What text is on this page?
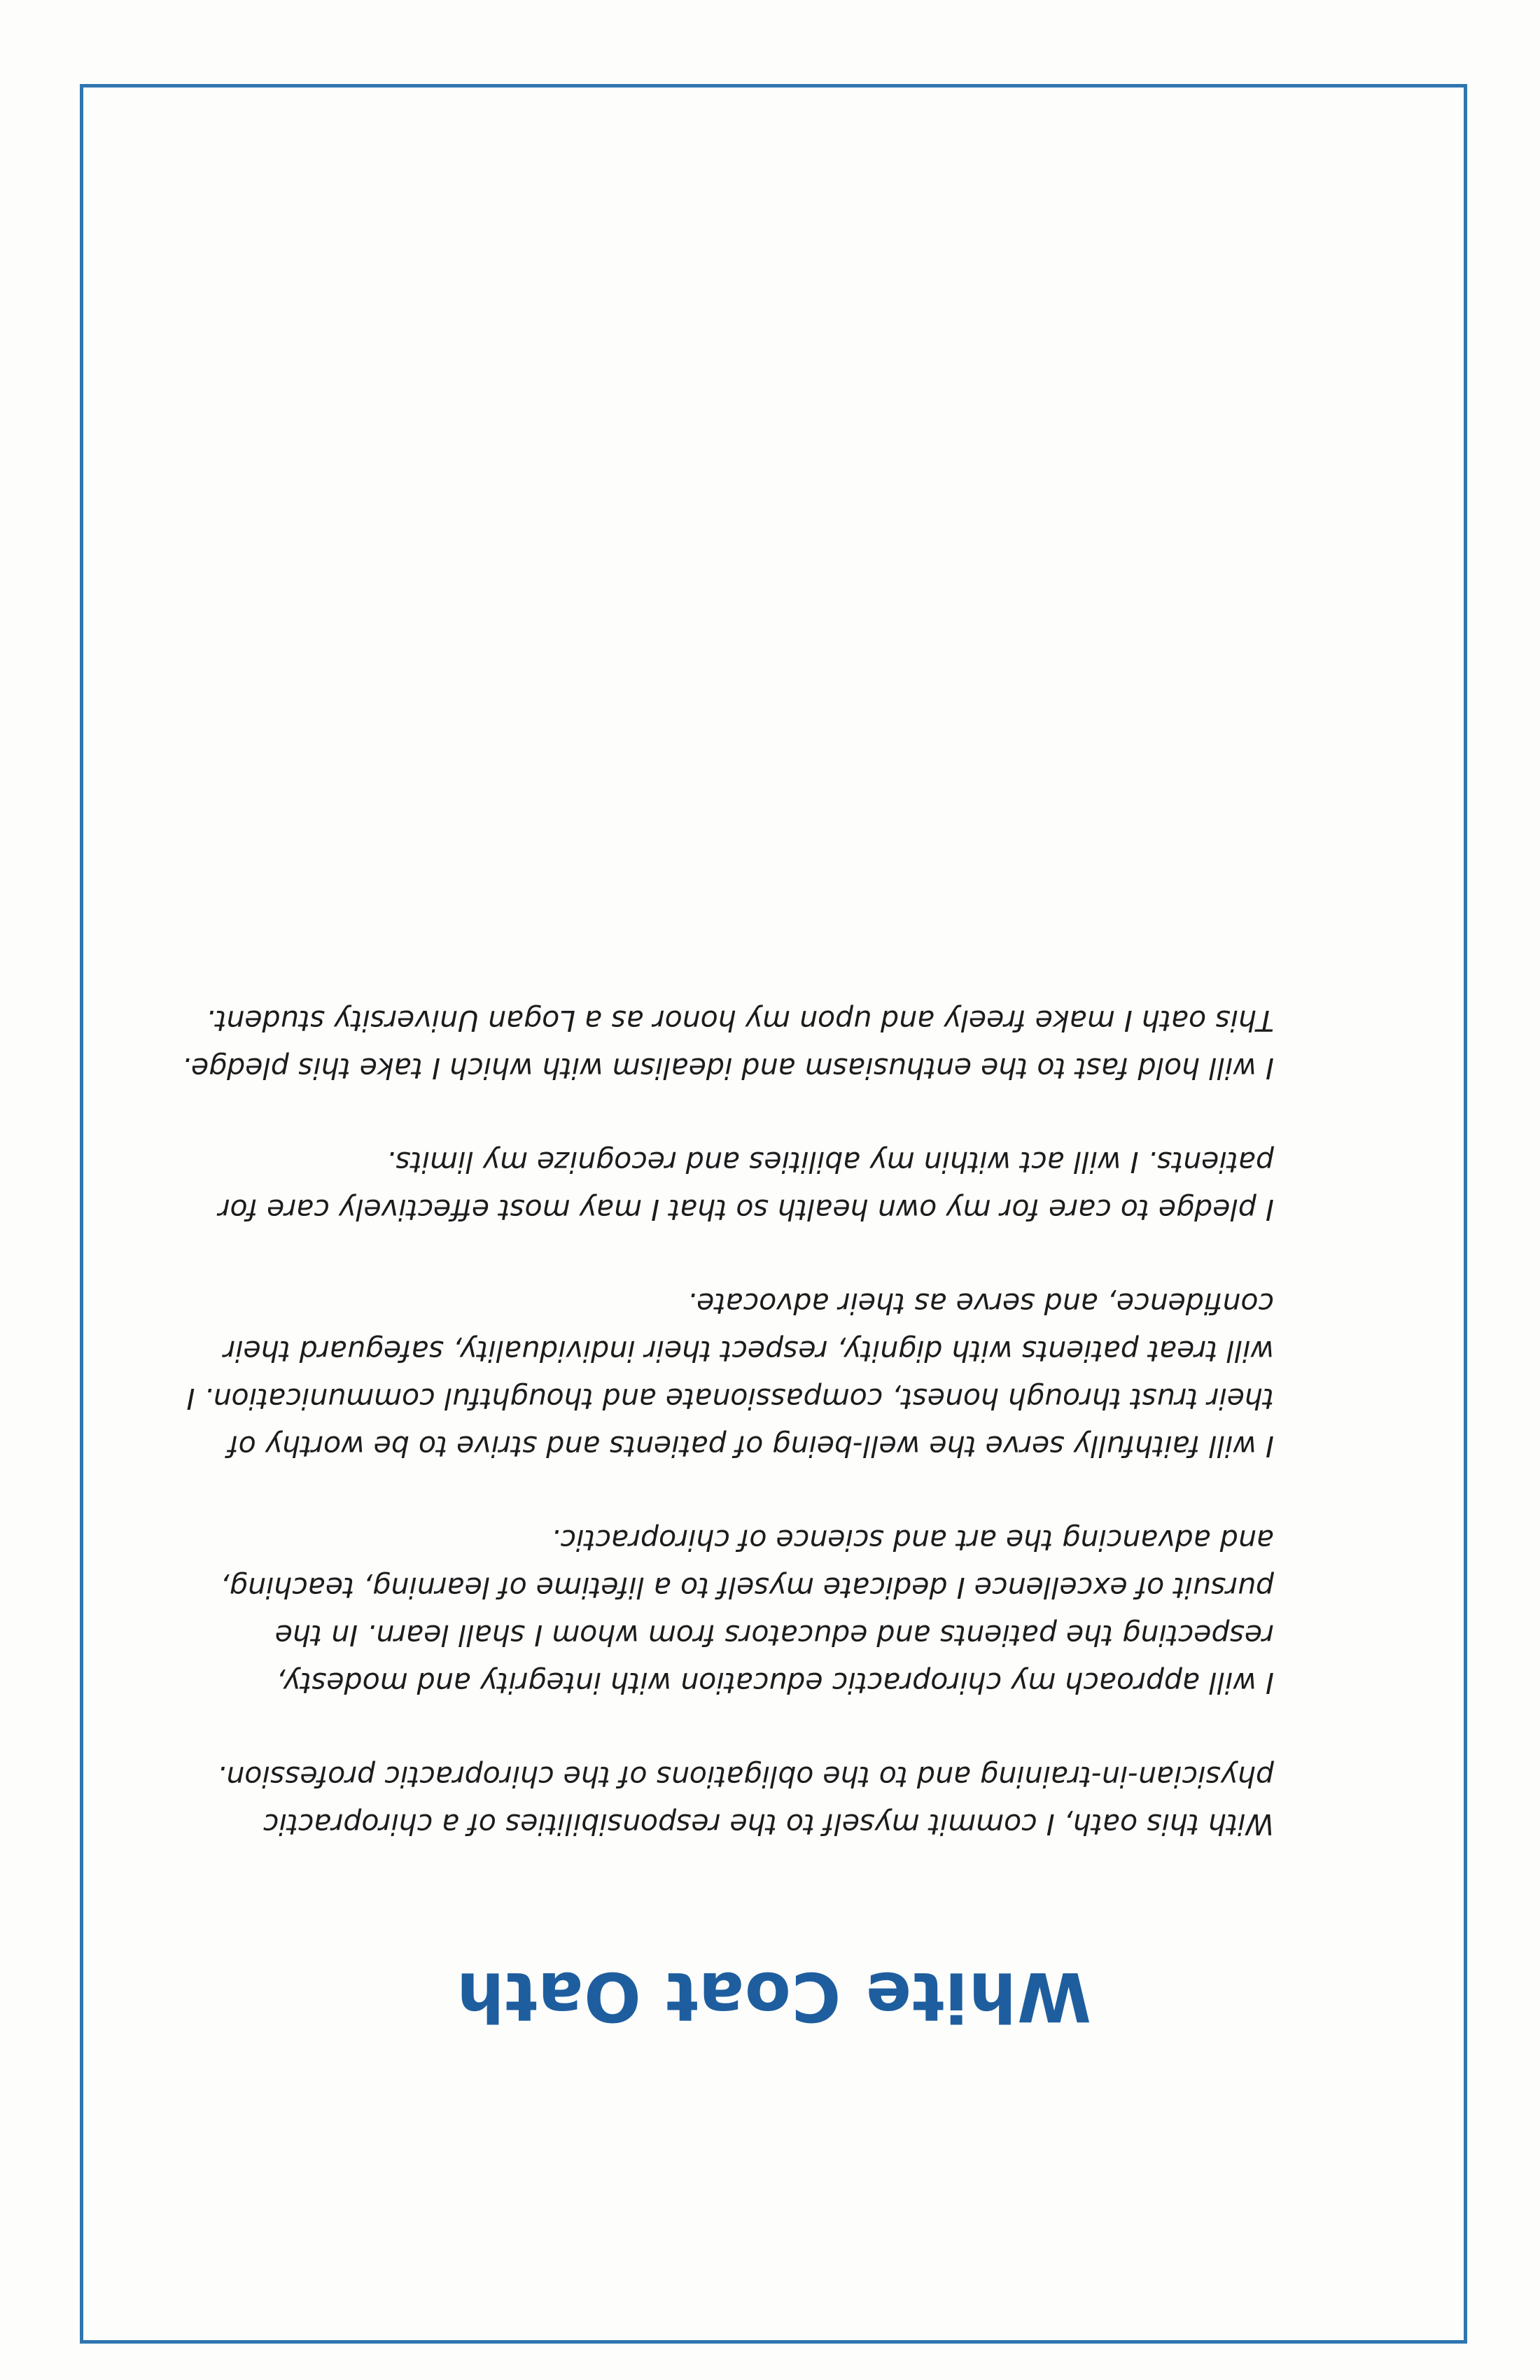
White Coat Oath

With this oath, I commit myself to the responsibilities of a chiropractic physician-in-training and to the obligations of the chiropractic profession.

I will approach my chiropractic education with integrity and modesty, respecting the patients and educators from whom I shall learn. In the pursuit of excellence I dedicate myself to a lifetime of learning, teaching, and advancing the art and science of chiropractic.

I will faithfully serve the well-being of patients and strive to be worthy of their trust through honest, compassionate and thoughtful communication. I will treat patients with dignity, respect their individuality, safeguard their confidence, and serve as their advocate.

I pledge to care for my own health so that I may most effectively care for patients. I will act within my abilities and recognize my limits.

I will hold fast to the enthusiasm and idealism with which I take this pledge. This oath I make freely and upon my honor as a Logan University student.
